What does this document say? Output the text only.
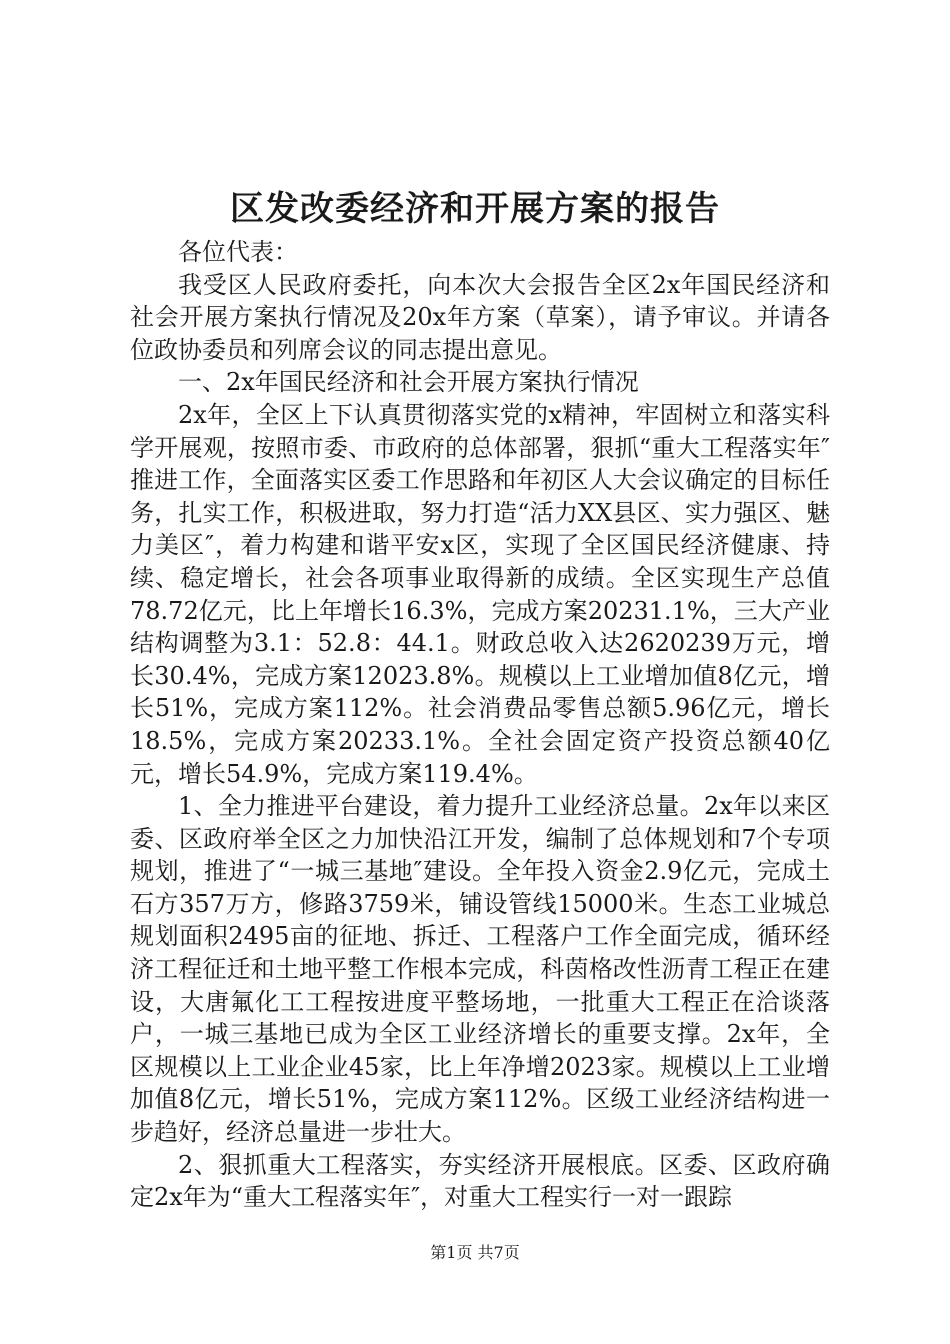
区发改委经济和开展方案的报告

各位代表：

我受区人民政府委托，向本次大会报告全区2x年国民经济和社会开展方案执行情况及20x年方案（草案），请予审议。并请各位政协委员和列席会议的同志提出意见。

一、2x年国民经济和社会开展方案执行情况

2x年，全区上下认真贯彻落实党的x精神，牢固树立和落实科学开展观，按照市委、市政府的总体部署，狠抓“重大工程落实年″推进工作，全面落实区委工作思路和年初区人大会议确定的目标任务，扎实工作，积极进取，努力打造“活力XX县区、实力强区、魅力美区″，着力构建和谐平安x区，实现了全区国民经济健康、持续、稳定增长，社会各项事业取得新的成绩。全区实现生产总值78.72亿元，比上年增长16.3%，完成方案20231.1%，三大产业结构调整为3.1：52.8：44.1。财政总收入达2620239万元，增长30.4%，完成方案12023.8%。规模以上工业增加值8亿元，增长51%，完成方案112%。社会消费品零售总额5.96亿元，增长18.5%，完成方案20233.1%。全社会固定资产投资总额40亿元，增长54.9%，完成方案119.4%。

1、全力推进平台建设，着力提升工业经济总量。2x年以来区委、区政府举全区之力加快沿江开发，编制了总体规划和7个专项规划，推进了“一城三基地″建设。全年投入资金2.9亿元，完成土石方357万方，修路3759米，铺设管线15000米。生态工业城总规划面积2495亩的征地、拆迁、工程落户工作全面完成，循环经济工程征迁和土地平整工作根本完成，科茵格改性沥青工程正在建设，大唐氟化工工程按进度平整场地，一批重大工程正在洽谈落户，一城三基地已成为全区工业经济增长的重要支撑。2x年，全区规模以上工业企业45家，比上年净增2023家。规模以上工业增加值8亿元，增长51%，完成方案112%。区级工业经济结构进一步趋好，经济总量进一步壮大。

2、狠抓重大工程落实，夯实经济开展根底。区委、区政府确定2x年为“重大工程落实年″，对重大工程实行一对一跟踪

第1页 共7页
